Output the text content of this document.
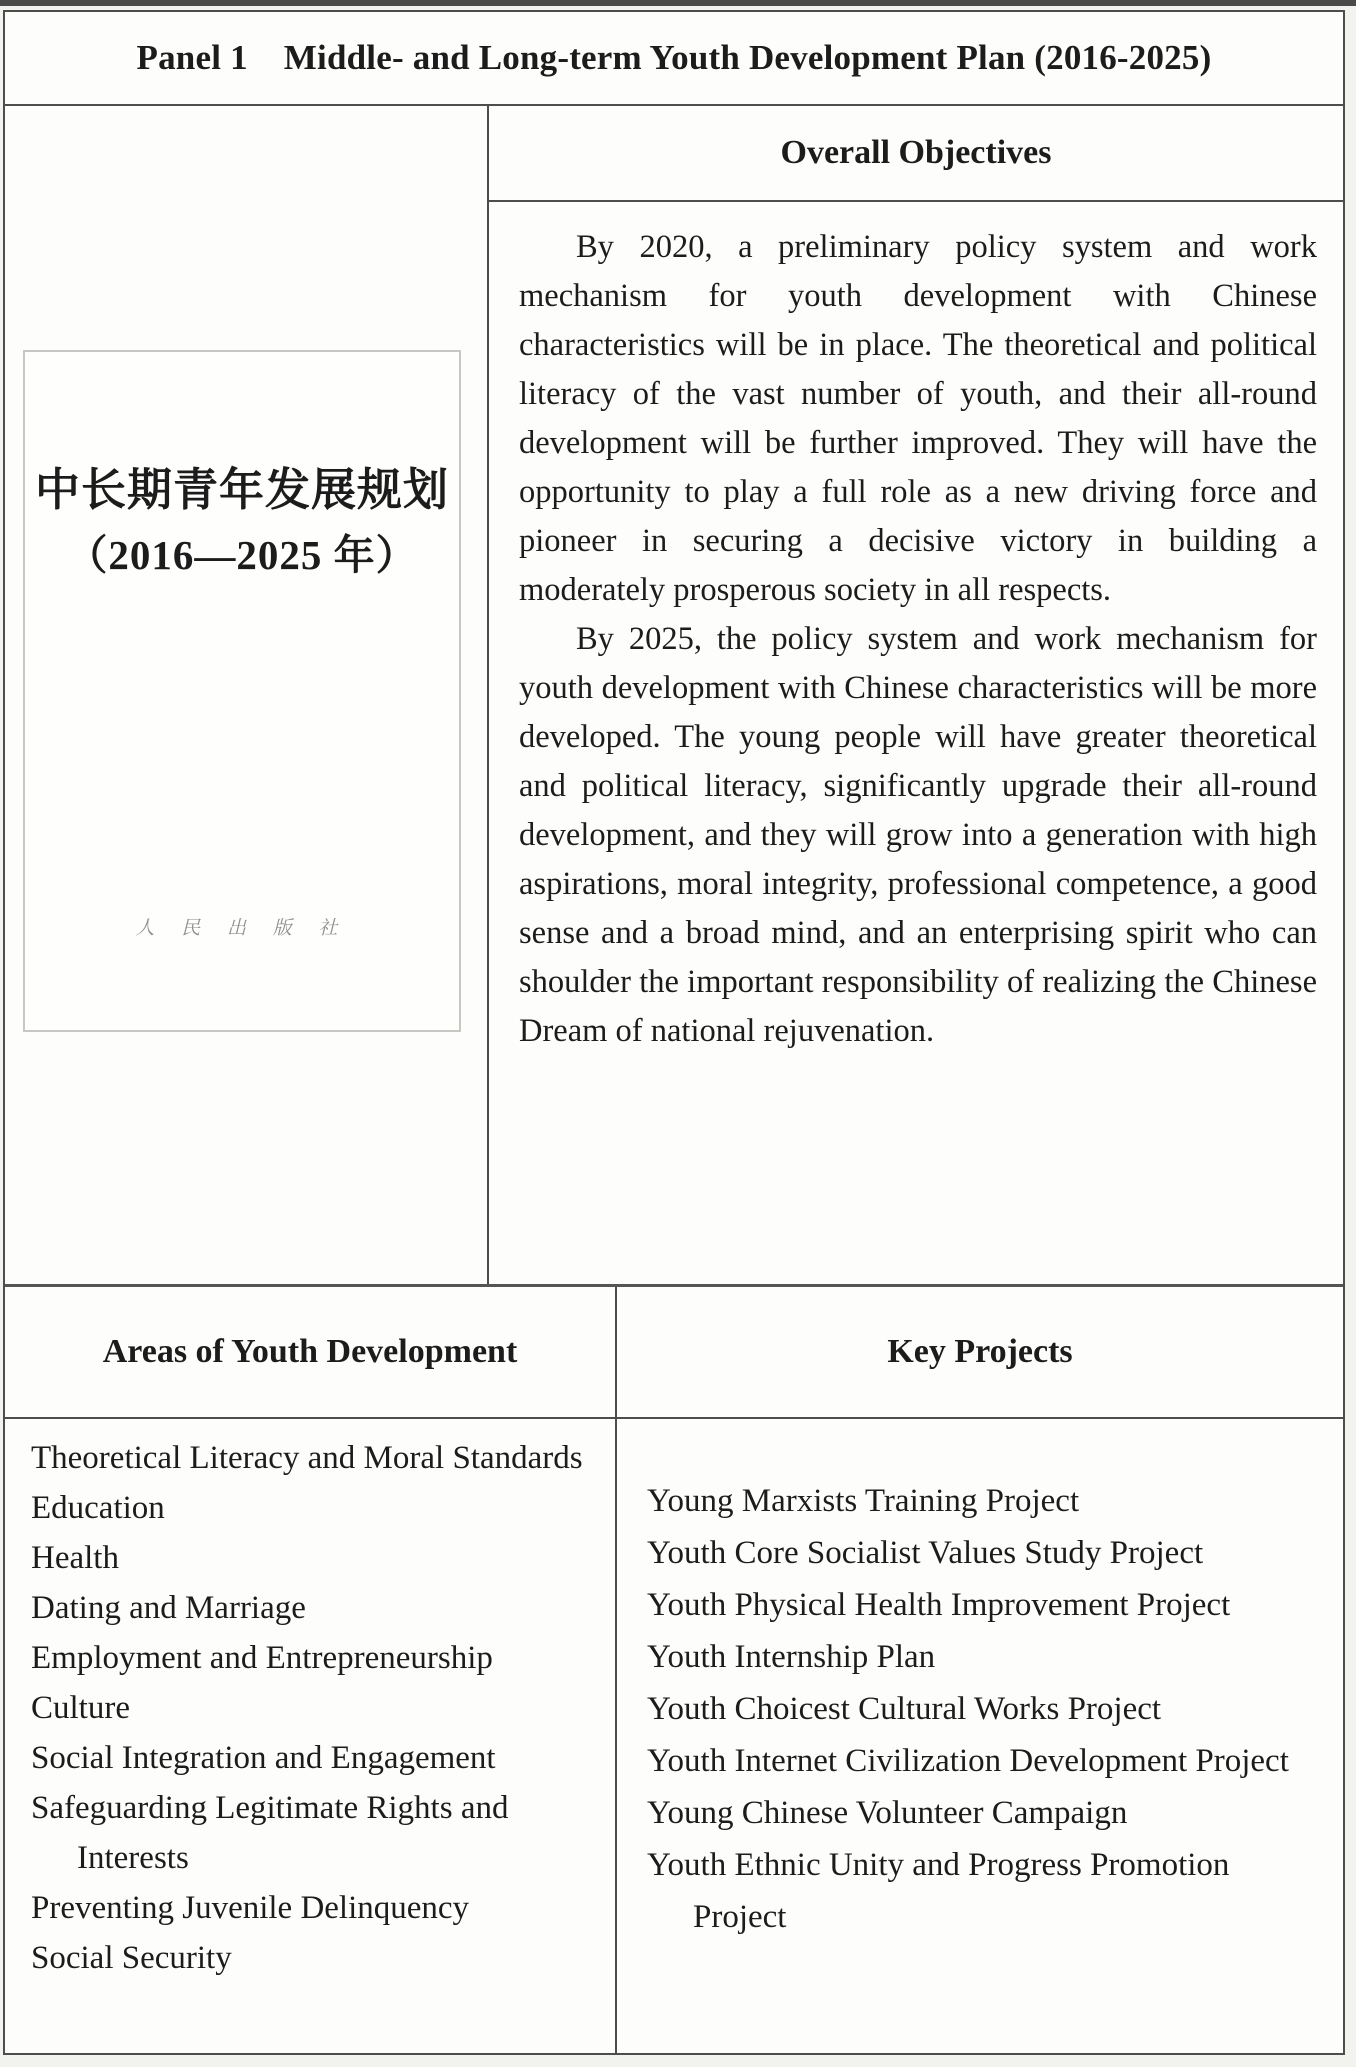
Panel 1 Middle- and Long-term Youth Development Plan (2016-2025)
中长期青年发展规划
（2016—2025 年）
人 民 出 版 社
Overall Objectives

By 2020, a preliminary policy system and work mechanism for youth development with Chinese characteristics will be in place. The theoretical and political literacy of the vast number of youth, and their all-round development will be further improved. They will have the opportunity to play a full role as a new driving force and pioneer in securing a decisive victory in building a moderately prosperous society in all respects.

By 2025, the policy system and work mechanism for youth development with Chinese characteristics will be more developed. The young people will have greater theoretical and political literacy, significantly upgrade their all-round development, and they will grow into a generation with high aspirations, moral integrity, professional competence, a good sense and a broad mind, and an enterprising spirit who can shoulder the important responsibility of realizing the Chinese Dream of national rejuvenation.

Areas of Youth Development	Key Projects
Theoretical Literacy and Moral Standards
Education
Health
Dating and Marriage
Employment and Entrepreneurship
Culture
Social Integration and Engagement
Safeguarding Legitimate Rights and Interests
Preventing Juvenile Delinquency
Social Security
Young Marxists Training Project
Youth Core Socialist Values Study Project
Youth Physical Health Improvement Project
Youth Internship Plan
Youth Choicest Cultural Works Project
Youth Internet Civilization Development Project
Young Chinese Volunteer Campaign
Youth Ethnic Unity and Progress Promotion Project
